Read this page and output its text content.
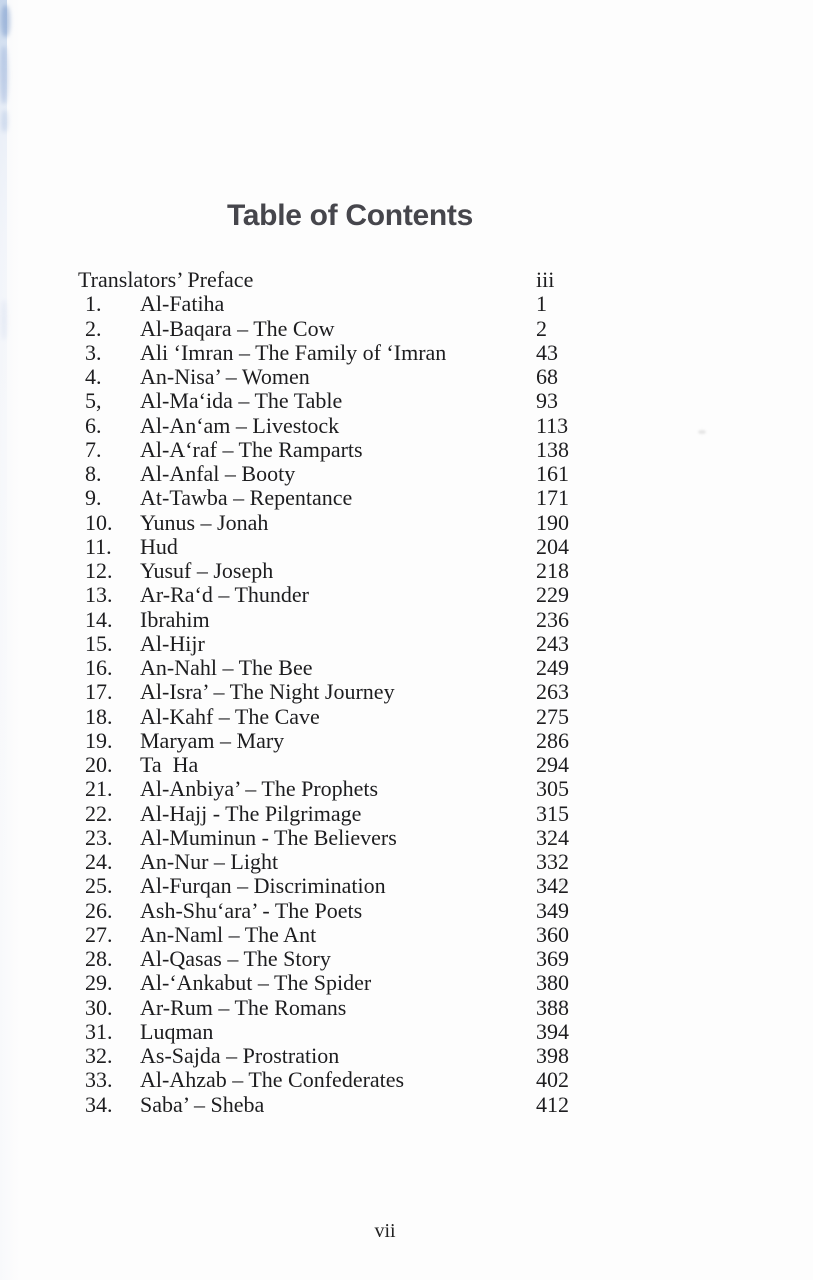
Table of Contents
Translators’ Preface	iii
1.	Al-Fatiha	1
2.	Al-Baqara – The Cow	2
3.	Ali ‘Imran – The Family of ‘Imran	43
4.	An-Nisa’ – Women	68
5,	Al-Ma‘ida – The Table	93
6.	Al-An‘am – Livestock	113
7.	Al-A‘raf – The Ramparts	138
8.	Al-Anfal – Booty	161
9.	At-Tawba – Repentance	171
10.	Yunus – Jonah	190
11.	Hud	204
12.	Yusuf – Joseph	218
13.	Ar-Ra‘d – Thunder	229
14.	Ibrahim	236
15.	Al-Hijr	243
16.	An-Nahl – The Bee	249
17.	Al-Isra’ – The Night Journey	263
18.	Al-Kahf – The Cave	275
19.	Maryam – Mary	286
20.	Ta  Ha	294
21.	Al-Anbiya’ – The Prophets	305
22.	Al-Hajj - The Pilgrimage	315
23.	Al-Muminun - The Believers	324
24.	An-Nur – Light	332
25.	Al-Furqan – Discrimination	342
26.	Ash-Shu‘ara’ - The Poets	349
27.	An-Naml – The Ant	360
28.	Al-Qasas – The Story	369
29.	Al-‘Ankabut – The Spider	380
30.	Ar-Rum – The Romans	388
31.	Luqman	394
32.	As-Sajda – Prostration	398
33.	Al-Ahzab – The Confederates	402
34.	Saba’ – Sheba	412
vii
